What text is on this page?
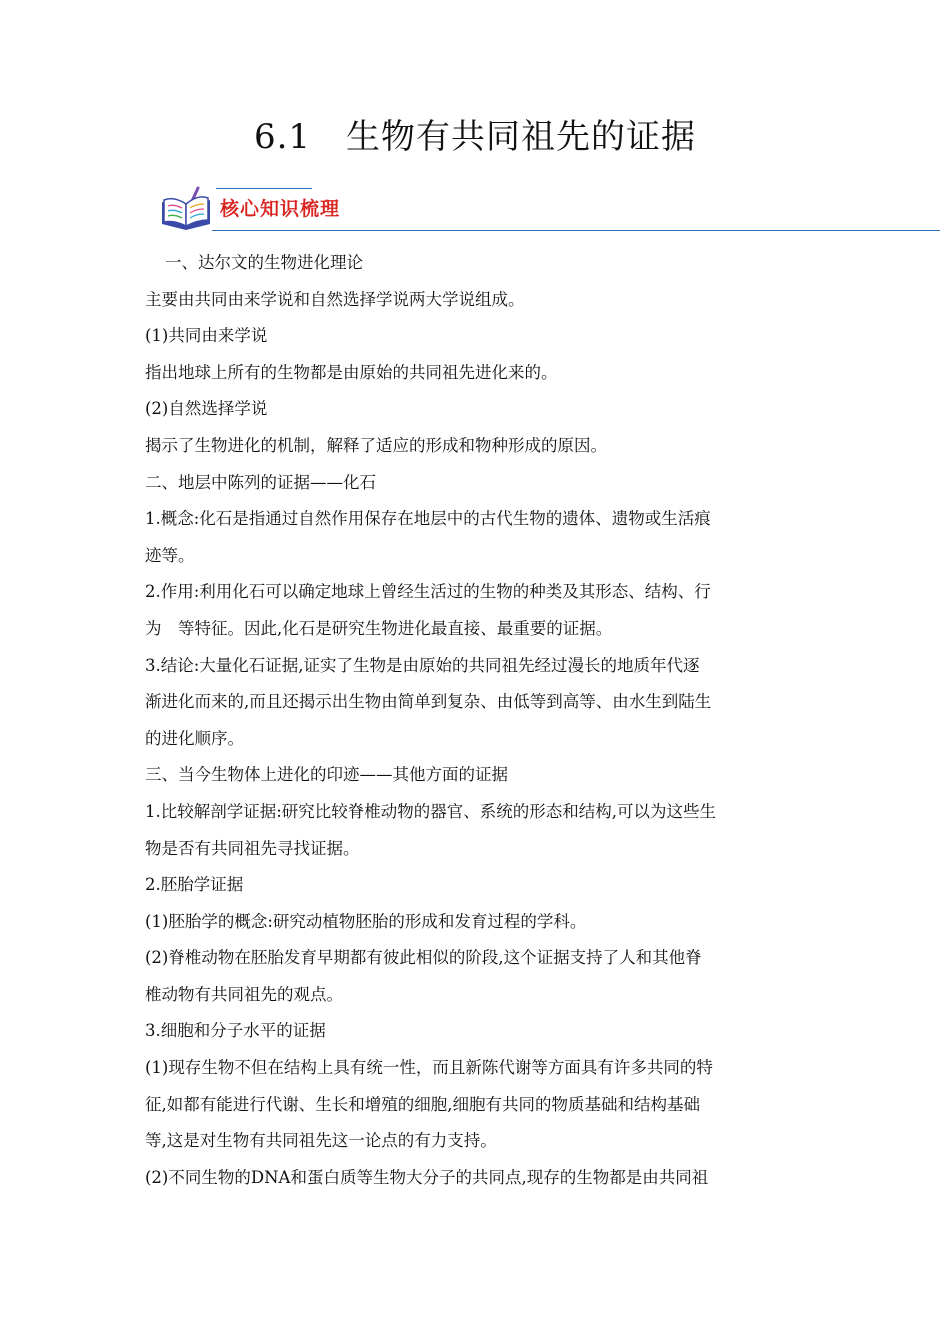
6.1　生物有共同祖先的证据
核心知识梳理

一、达尔文的生物进化理论

主要由共同由来学说和自然选择学说两大学说组成。

(1)共同由来学说

指出地球上所有的生物都是由原始的共同祖先进化来的。

(2)自然选择学说

揭示了生物进化的机制，解释了适应的形成和物种形成的原因。

二、地层中陈列的证据——化石

1.概念:化石是指通过自然作用保存在地层中的古代生物的遗体、遗物或生活痕

迹等。

2.作用:利用化石可以确定地球上曾经生活过的生物的种类及其形态、结构、行

为　等特征。因此,化石是研究生物进化最直接、最重要的证据。

3.结论:大量化石证据,证实了生物是由原始的共同祖先经过漫长的地质年代逐

渐进化而来的,而且还揭示出生物由简单到复杂、由低等到高等、由水生到陆生

的进化顺序。

三、当今生物体上进化的印迹——其他方面的证据

1.比较解剖学证据:研究比较脊椎动物的器官、系统的形态和结构,可以为这些生

物是否有共同祖先寻找证据。

2.胚胎学证据

(1)胚胎学的概念:研究动植物胚胎的形成和发育过程的学科。

(2)脊椎动物在胚胎发育早期都有彼此相似的阶段,这个证据支持了人和其他脊

椎动物有共同祖先的观点。

3.细胞和分子水平的证据

(1)现存生物不但在结构上具有统一性，而且新陈代谢等方面具有许多共同的特

征,如都有能进行代谢、生长和增殖的细胞,细胞有共同的物质基础和结构基础

等,这是对生物有共同祖先这一论点的有力支持。

(2)不同生物的DNA和蛋白质等生物大分子的共同点,现存的生物都是由共同祖
